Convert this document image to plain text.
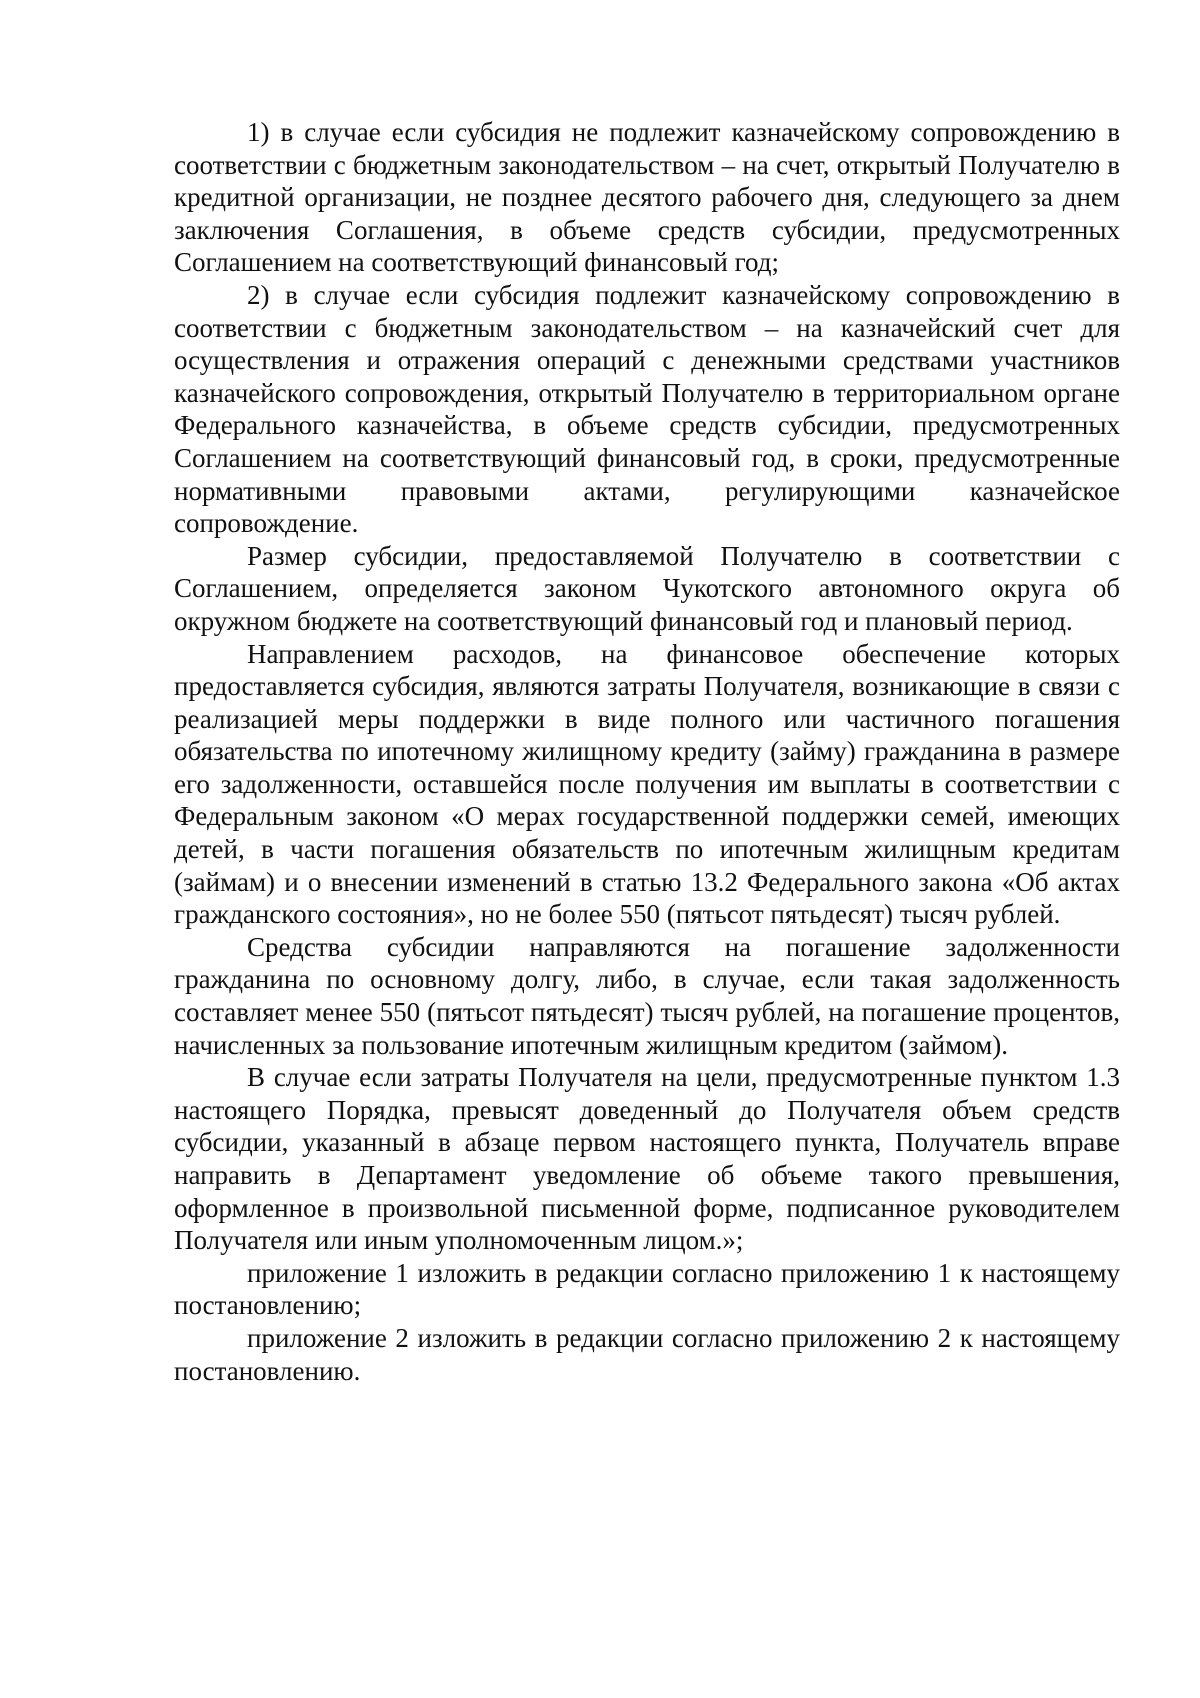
1) в случае если субсидия не подлежит казначейскому сопровождению в соответствии с бюджетным законодательством – на счет, открытый Получателю в кредитной организации, не позднее десятого рабочего дня, следующего за днем заключения Соглашения, в объеме средств субсидии, предусмотренных Соглашением на соответствующий финансовый год;

2) в случае если субсидия подлежит казначейскому сопровождению в соответствии с бюджетным законодательством – на казначейский счет для осуществления и отражения операций с денежными средствами участников казначейского сопровождения, открытый Получателю в территориальном органе Федерального казначейства, в объеме средств субсидии, предусмотренных Соглашением на соответствующий финансовый год, в сроки, предусмотренные нормативными правовыми актами, регулирующими казначейское сопровождение.

Размер субсидии, предоставляемой Получателю в соответствии с Соглашением, определяется законом Чукотского автономного округа об окружном бюджете на соответствующий финансовый год и плановый период.

Направлением расходов, на финансовое обеспечение которых предоставляется субсидия, являются затраты Получателя, возникающие в связи с реализацией меры поддержки в виде полного или частичного погашения обязательства по ипотечному жилищному кредиту (займу) гражданина в размере его задолженности, оставшейся после получения им выплаты в соответствии с Федеральным законом «О мерах государственной поддержки семей, имеющих детей, в части погашения обязательств по ипотечным жилищным кредитам (займам) и о внесении изменений в статью 13.2 Федерального закона «Об актах гражданского состояния», но не более 550 (пятьсот пятьдесят) тысяч рублей.

Средства субсидии направляются на погашение задолженности гражданина по основному долгу, либо, в случае, если такая задолженность составляет менее 550 (пятьсот пятьдесят) тысяч рублей, на погашение процентов, начисленных за пользование ипотечным жилищным кредитом (займом).

В случае если затраты Получателя на цели, предусмотренные пунктом 1.3 настоящего Порядка, превысят доведенный до Получателя объем средств субсидии, указанный в абзаце первом настоящего пункта, Получатель вправе направить в Департамент уведомление об объеме такого превышения, оформленное в произвольной письменной форме, подписанное руководителем Получателя или иным уполномоченным лицом.»;

приложение 1 изложить в редакции согласно приложению 1 к настоящему постановлению;

приложение 2 изложить в редакции согласно приложению 2 к настоящему постановлению.
